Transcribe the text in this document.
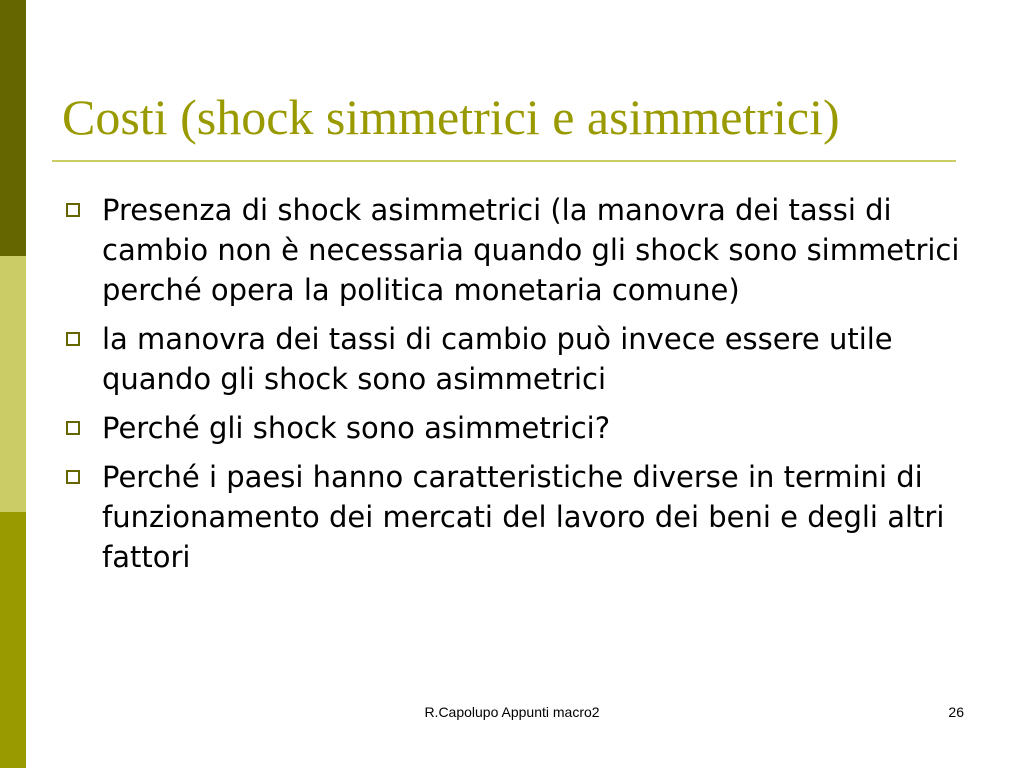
Costi (shock simmetrici e asimmetrici)
Presenza di shock asimmetrici (la manovra dei tassi di cambio non è necessaria quando gli shock sono simmetrici perché opera la politica monetaria comune)
la manovra dei tassi di cambio può invece essere utile quando gli shock sono asimmetrici
Perché gli shock sono asimmetrici?
Perché i paesi hanno caratteristiche diverse in termini di funzionamento dei mercati del lavoro dei beni e degli altri fattori
R.Capolupo Appunti macro2	26
